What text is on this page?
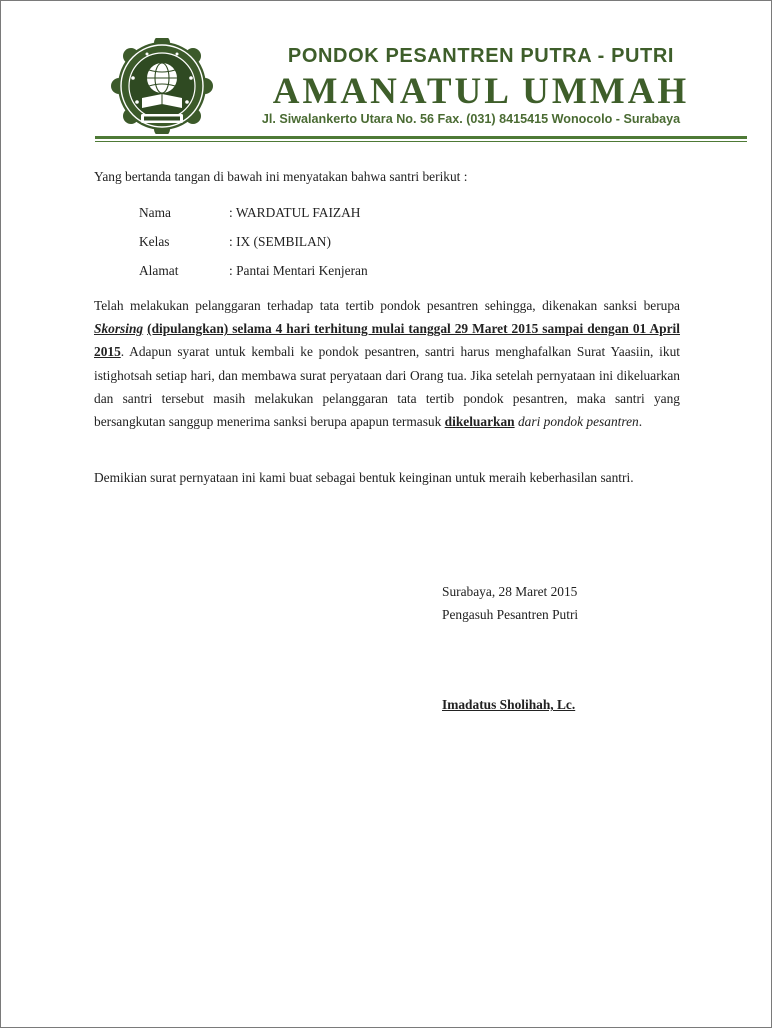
PONDOK PESANTREN PUTRA - PUTRI
AMANATUL UMMAH
Jl. Siwalankerto Utara No. 56 Fax. (031) 8415415 Wonocolo - Surabaya
Yang bertanda tangan di bawah ini menyatakan bahwa santri berikut :
Nama	: WARDATUL FAIZAH
Kelas	: IX (SEMBILAN)
Alamat	: Pantai Mentari Kenjeran
Telah melakukan pelanggaran terhadap tata tertib pondok pesantren sehingga, dikenakan sanksi berupa Skorsing (dipulangkan) selama 4 hari terhitung mulai tanggal 29 Maret 2015 sampai dengan 01 April 2015. Adapun syarat untuk kembali ke pondok pesantren, santri harus menghafalkan Surat Yaasiin, ikut istighotsah setiap hari, dan membawa surat peryataan dari Orang tua. Jika setelah pernyataan ini dikeluarkan dan santri tersebut masih melakukan pelanggaran tata tertib pondok pesantren, maka santri yang bersangkutan sanggup menerima sanksi berupa apapun termasuk dikeluarkan dari pondok pesantren.
Demikian surat pernyataan ini kami buat sebagai bentuk keinginan untuk meraih keberhasilan santri.
Surabaya, 28 Maret 2015
Pengasuh Pesantren Putri
Imadatus Sholihah, Lc.
